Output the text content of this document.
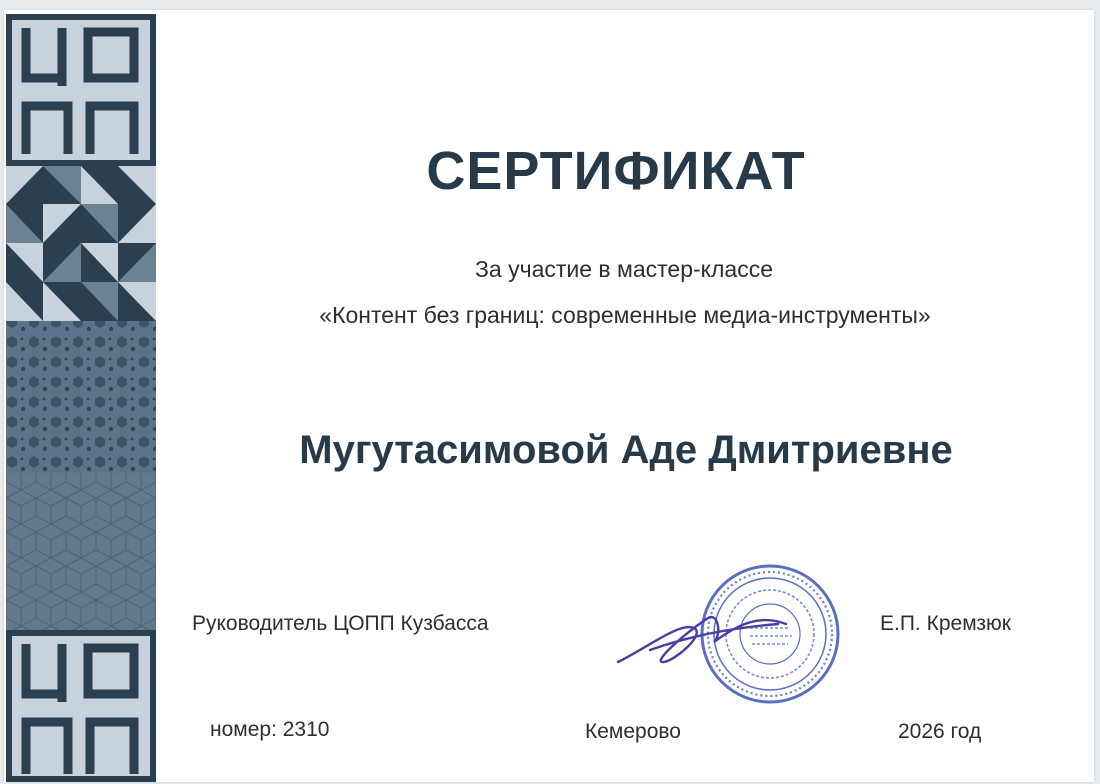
СЕРТИФИКАТ
За участие в мастер-классе
«Контент без границ: современные медиа-инструменты»
Мугутасимовой Аде Дмитриевне
Руководитель ЦОПП Кузбасса	Е.П. Кремзюк
номер: 2310	Кемерово	2026 год
